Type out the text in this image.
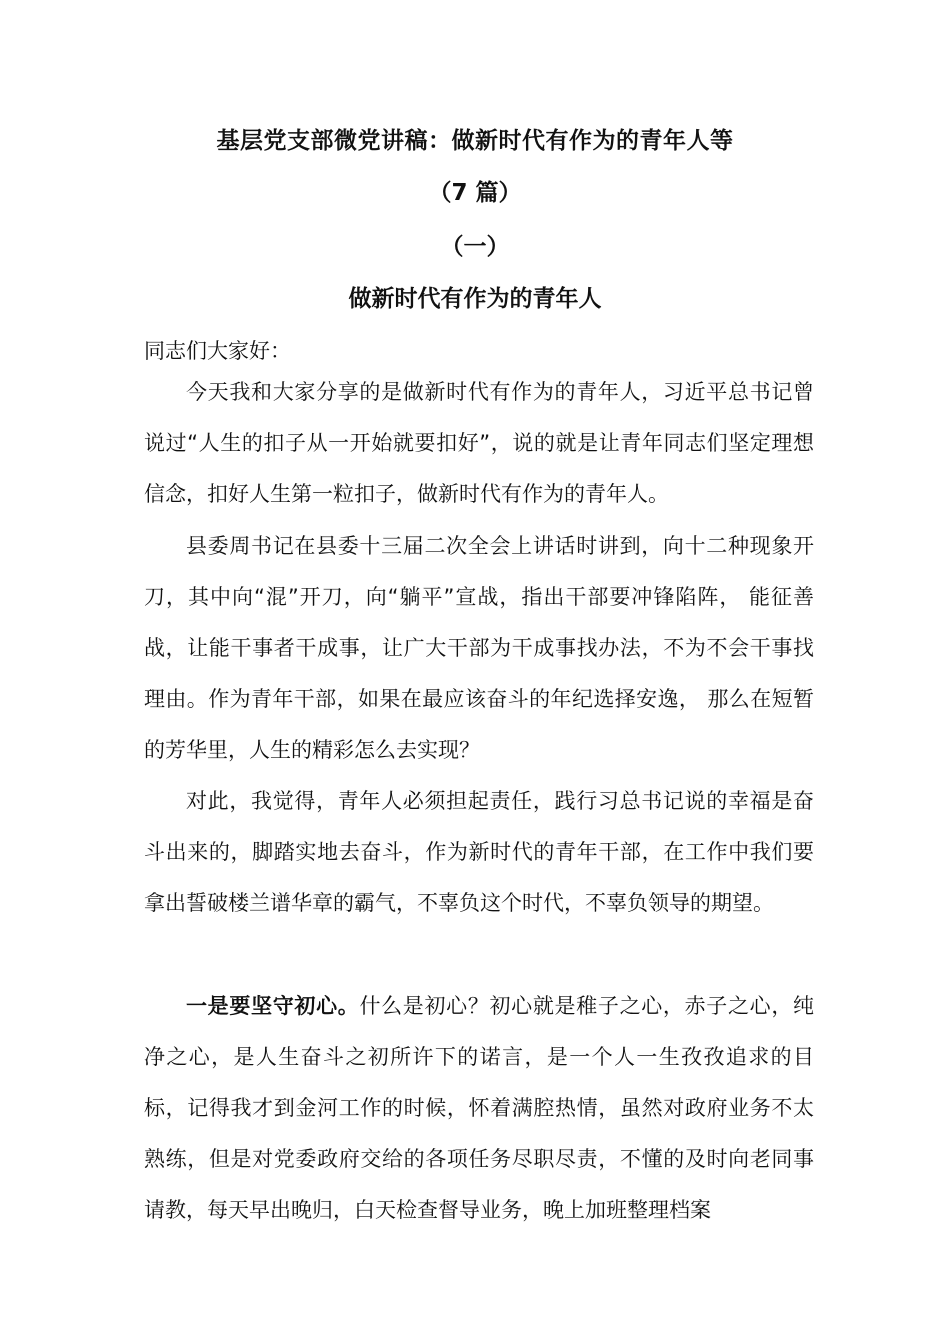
基层党支部微党讲稿：做新时代有作为的青年人等
（7 篇）
（一）
做新时代有作为的青年人
同志们大家好：
今天我和大家分享的是做新时代有作为的青年人，习近平总书记曾说过“人生的扣子从一开始就要扣好”，说的就是让青年同志们坚定理想信念，扣好人生第一粒扣子，做新时代有作为的青年人。
县委周书记在县委十三届二次全会上讲话时讲到，向十二种现象开刀，其中向“混”开刀，向“躺平”宣战，指出干部要冲锋陷阵， 能征善战，让能干事者干成事，让广大干部为干成事找办法，不为不会干事找理由。作为青年干部，如果在最应该奋斗的年纪选择安逸， 那么在短暂的芳华里，人生的精彩怎么去实现？
对此，我觉得，青年人必须担起责任，践行习总书记说的幸福是奋斗出来的，脚踏实地去奋斗，作为新时代的青年干部，在工作中我们要拿出誓破楼兰谱华章的霸气，不辜负这个时代，不辜负领导的期望。
一是要坚守初心。什么是初心？初心就是稚子之心，赤子之心，纯净之心，是人生奋斗之初所许下的诺言，是一个人一生孜孜追求的目标，记得我才到金河工作的时候，怀着满腔热情，虽然对政府业务不太熟练，但是对党委政府交给的各项任务尽职尽责，不懂的及时向老同事请教，每天早出晚归，白天检查督导业务，晚上加班整理档案
